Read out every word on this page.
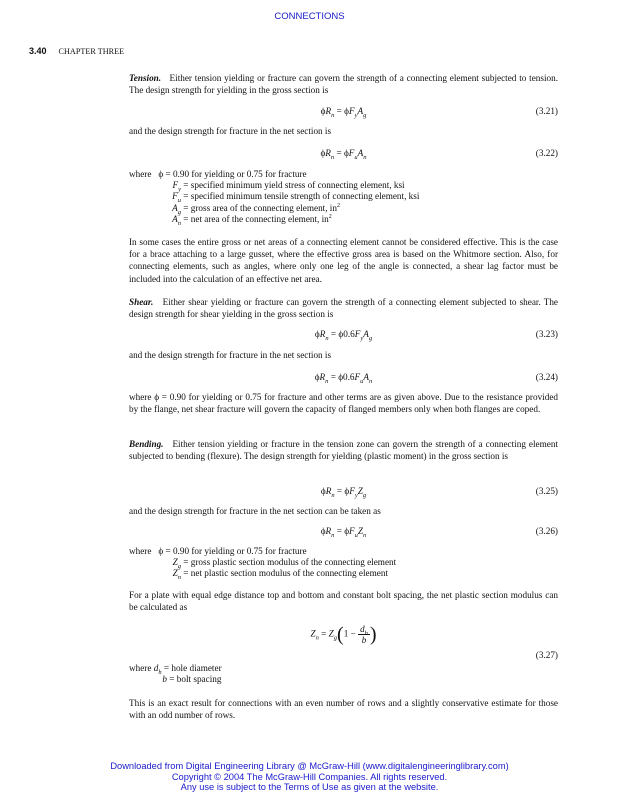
CONNECTIONS
3.40 CHAPTER THREE
Tension. Either tension yielding or fracture can govern the strength of a connecting element subjected to tension. The design strength for yielding in the gross section is
$\phi R_n = \phi F_yA_g$	(3.21)
and the design strength for fracture in the net section is
$\phi R_n = \phi F_uA_n$	(3.22)
where ϕ = 0.90 for yielding or 0.75 for fracture
$F_y$ = specified minimum yield stress of connecting element, ksi
$F_u$ = specified minimum tensile strength of connecting element, ksi
$A_g$ = gross area of the connecting element, $in^2$
$A_n$ = net area of the connecting element, $in^2$
In some cases the entire gross or net areas of a connecting element cannot be considered effective. This is the case for a brace attaching to a large gusset, where the effective gross area is based on the Whitmore section. Also, for connecting elements, such as angles, where only one leg of the angle is connected, a shear lag factor must be included into the calculation of an effective net area.
Shear. Either shear yielding or fracture can govern the strength of a connecting element subjected to shear. The design strength for shear yielding in the gross section is
$\phi R_n = \phi 0.6F_yA_g$	(3.23)
and the design strength for fracture in the net section is
$\phi R_n = \phi 0.6F_uA_n$	(3.24)
where ϕ = 0.90 for yielding or 0.75 for fracture and other terms are as given above. Due to the resistance provided by the flange, net shear fracture will govern the capacity of flanged members only when both flanges are coped.
Bending. Either tension yielding or fracture in the tension zone can govern the strength of a connecting element subjected to bending (flexure). The design strength for yielding (plastic moment) in the gross section is
$\phi R_n = \phi F_yZ_g$	(3.25)
and the design strength for fracture in the net section can be taken as
$\phi R_n = \phi F_uZ_n$	(3.26)
where ϕ = 0.90 for yielding or 0.75 for fracture
$Z_g$ = gross plastic section modulus of the connecting element
$Z_n$ = net plastic section modulus of the connecting element
For a plate with equal edge distance top and bottom and constant bolt spacing, the net plastic section modulus can be calculated as
$Z_n = Z_g(1 - \frac{d_h}{b}$ )
(3.27)
where $d_h$ = hole diameter
b = bolt spacing
This is an exact result for connections with an even number of rows and a slightly conservative estimate for those with an odd number of rows.
Downloaded from Digital Engineering Library @ McGraw-Hill (www.digitalengineeringlibrary.com)
Copyright © 2004 The McGraw-Hill Companies. All rights reserved.
Any use is subject to the Terms of Use as given at the website.
